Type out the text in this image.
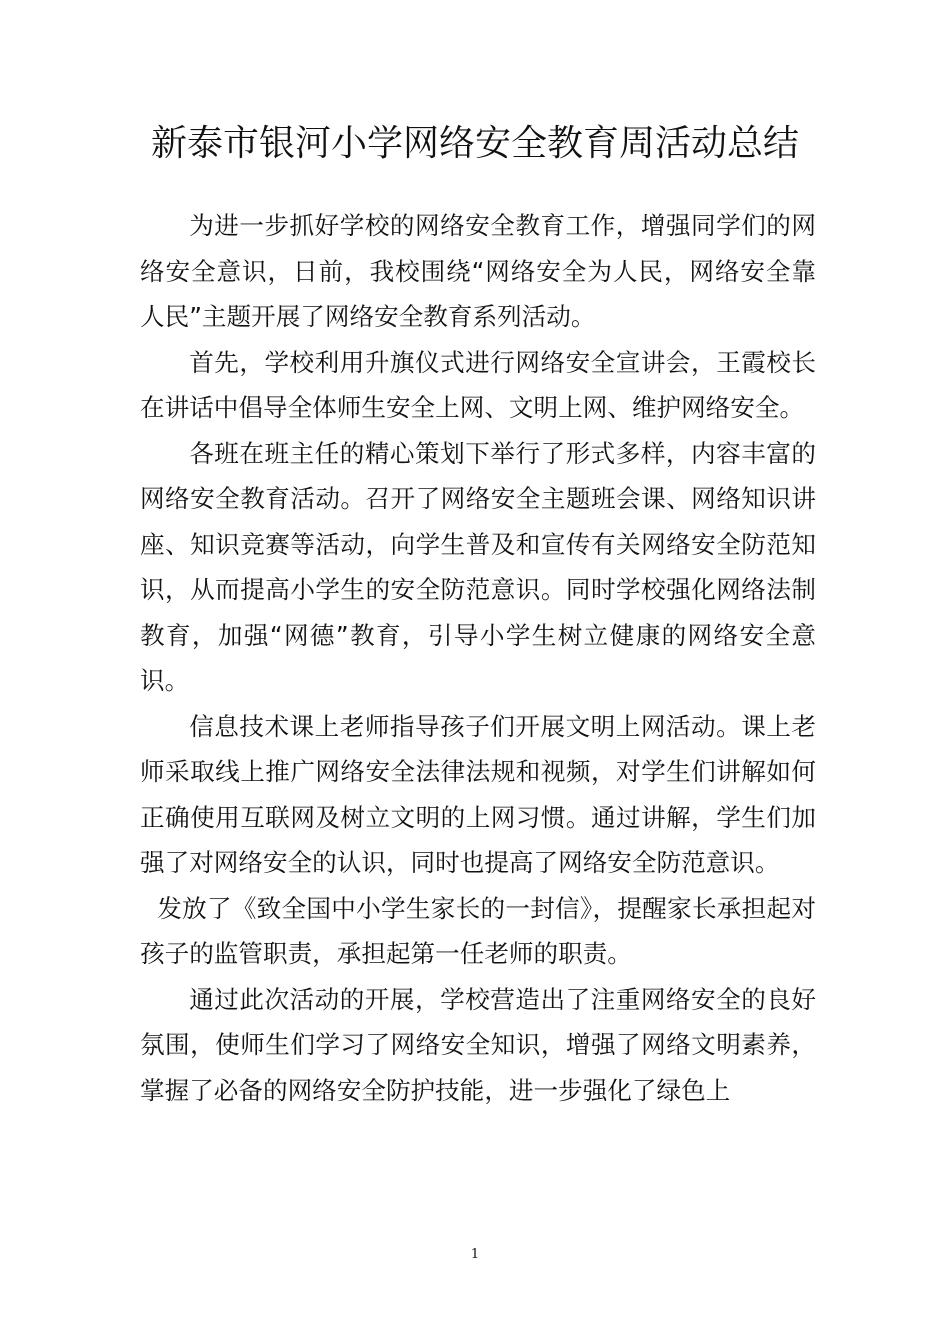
新泰市银河小学网络安全教育周活动总结

为进一步抓好学校的网络安全教育工作，增强同学们的网络安全意识，日前，我校围绕“网络安全为人民，网络安全靠人民”主题开展了网络安全教育系列活动。

首先，学校利用升旗仪式进行网络安全宣讲会，王霞校长在讲话中倡导全体师生安全上网、文明上网、维护网络安全。

各班在班主任的精心策划下举行了形式多样，内容丰富的网络安全教育活动。召开了网络安全主题班会课、网络知识讲座、知识竞赛等活动，向学生普及和宣传有关网络安全防范知识，从而提高小学生的安全防范意识。同时学校强化网络法制教育，加强“网德”教育，引导小学生树立健康的网络安全意识。

信息技术课上老师指导孩子们开展文明上网活动。课上老师采取线上推广网络安全法律法规和视频，对学生们讲解如何正确使用互联网及树立文明的上网习惯。通过讲解，学生们加强了对网络安全的认识，同时也提高了网络安全防范意识。

发放了《致全国中小学生家长的一封信》，提醒家长承担起对孩子的监管职责，承担起第一任老师的职责。

通过此次活动的开展，学校营造出了注重网络安全的良好氛围，使师生们学习了网络安全知识，增强了网络文明素养，掌握了必备的网络安全防护技能，进一步强化了绿色上

1
